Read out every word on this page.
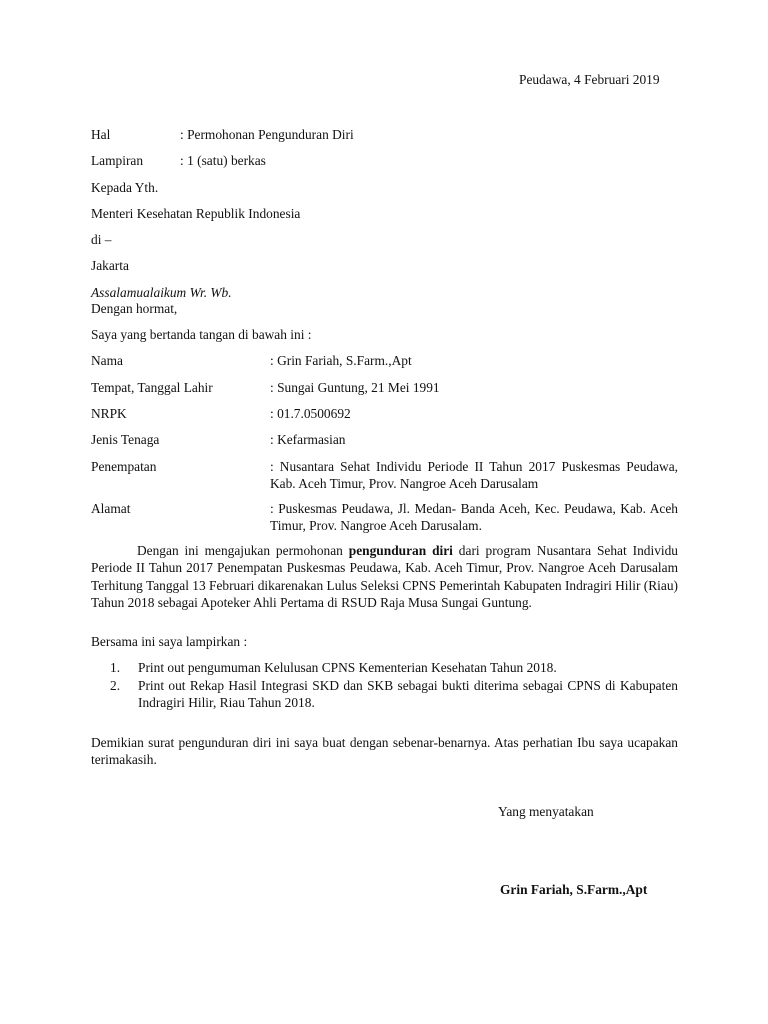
Peudawa, 4 Februari 2019
Hal	: Permohonan Pengunduran Diri
Lampiran	: 1 (satu) berkas
Kepada Yth.
Menteri Kesehatan Republik Indonesia
di –
Jakarta
Assalamualaikum Wr. Wb.
Dengan hormat,
Saya yang bertanda tangan di bawah ini :
Nama	: Grin Fariah, S.Farm.,Apt
Tempat, Tanggal Lahir	: Sungai Guntung, 21 Mei 1991
NRPK	: 01.7.0500692
Jenis Tenaga	: Kefarmasian
Penempatan	: Nusantara Sehat Individu Periode II Tahun 2017 Puskesmas Peudawa, Kab. Aceh Timur, Prov. Nangroe Aceh Darusalam
Alamat	: Puskesmas Peudawa, Jl. Medan- Banda Aceh, Kec. Peudawa, Kab. Aceh Timur, Prov. Nangroe Aceh Darusalam.
Dengan ini mengajukan permohonan pengunduran diri dari program Nusantara Sehat Individu Periode II Tahun 2017 Penempatan Puskesmas Peudawa, Kab. Aceh Timur, Prov. Nangroe Aceh Darusalam Terhitung Tanggal 13 Februari dikarenakan Lulus Seleksi CPNS Pemerintah Kabupaten Indragiri Hilir (Riau) Tahun 2018 sebagai Apoteker Ahli Pertama di RSUD Raja Musa Sungai Guntung.
Bersama ini saya lampirkan :
1. Print out pengumuman Kelulusan CPNS Kementerian Kesehatan Tahun 2018.
2. Print out Rekap Hasil Integrasi SKD dan SKB sebagai bukti diterima sebagai CPNS di Kabupaten Indragiri Hilir, Riau Tahun 2018.
Demikian surat pengunduran diri ini saya buat dengan sebenar-benarnya. Atas perhatian Ibu saya ucapakan terimakasih.
Yang menyatakan
Grin Fariah, S.Farm.,Apt
